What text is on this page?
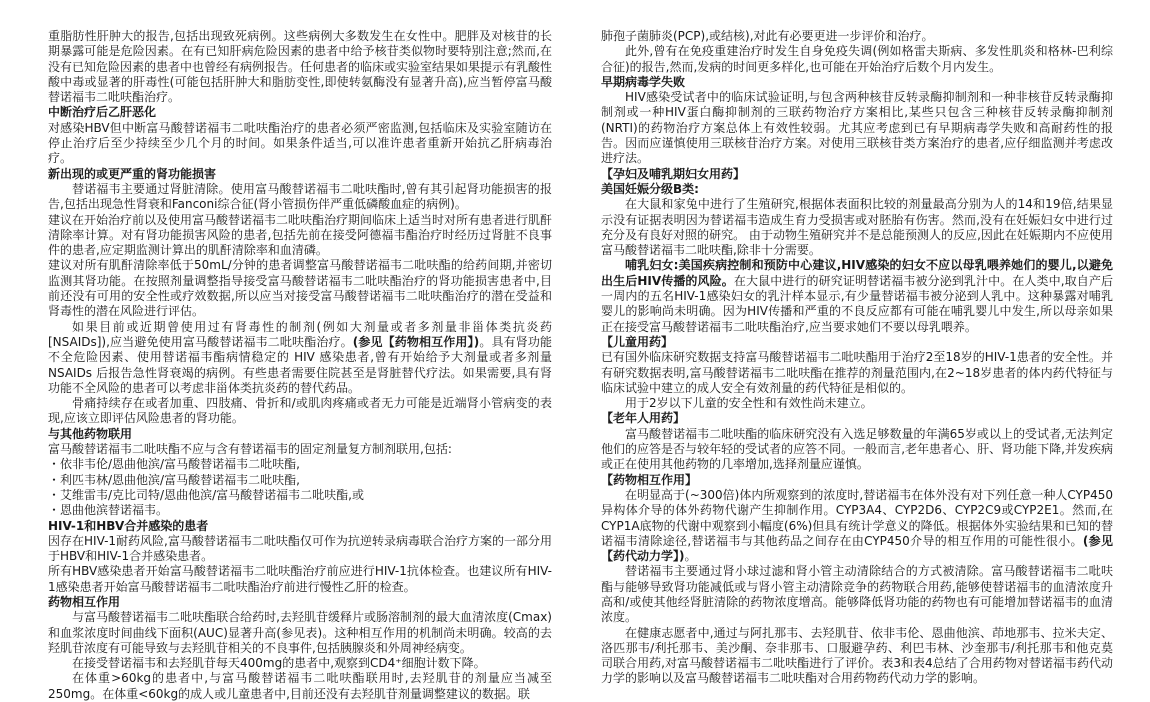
重脂肪性肝肿大的报告,包括出现致死病例。这些病例大多数发生在女性中。肥胖及对核苷的长期暴露可能是危险因素。在有已知肝病危险因素的患者中给予核苷类似物时要特别注意;然而,在没有已知危险因素的患者中也曾经有病例报告。任何患者的临床或实验室结果如果提示有乳酸性酸中毒或显著的肝毒性(可能包括肝肿大和脂肪变性,即使转氨酶没有显著升高),应当暂停富马酸替诺福韦二吡呋酯治疗。

中断治疗后乙肝恶化

对感染HBV但中断富马酸替诺福韦二吡呋酯治疗的患者必须严密监测,包括临床及实验室随访在停止治疗后至少持续至少几个月的时间。如果条件适当,可以准许患者重新开始抗乙肝病毒治疗。

新出现的或更严重的肾功能损害

替诺福韦主要通过肾脏清除。使用富马酸替诺福韦二吡呋酯时,曾有其引起肾功能损害的报告,包括出现急性肾衰和Fanconi综合征(肾小管损伤伴严重低磷酸血症的病例)。

建议在开始治疗前以及使用富马酸替诺福韦二吡呋酯治疗期间临床上适当时对所有患者进行肌酐清除率计算。对有肾功能损害风险的患者,包括先前在接受阿德福韦酯治疗时经历过肾脏不良事件的患者,应定期监测计算出的肌酐清除率和血清磷。

建议对所有肌酐清除率低于50mL/分钟的患者调整富马酸替诺福韦二吡呋酯的给药间期,并密切监测其肾功能。在按照剂量调整指导接受富马酸替诺福韦二吡呋酯治疗的肾功能损害患者中,目前还没有可用的安全性或疗效数据,所以应当对接受富马酸替诺福韦二吡呋酯治疗的潜在受益和肾毒性的潜在风险进行评估。

如果目前或近期曾使用过有肾毒性的制剂(例如大剂量或者多剂量非甾体类抗炎药[NSAIDs]),应当避免使用富马酸替诺福韦二吡呋酯治疗。(参见【药物相互作用】)。具有肾功能不全危险因素、使用替诺福韦酯病情稳定的 HIV 感染患者,曾有开始给予大剂量或者多剂量 NSAIDs 后报告急性肾衰竭的病例。有些患者需要住院甚至是肾脏替代疗法。如果需要,具有肾功能不全风险的患者可以考虑非甾体类抗炎药的替代药品。

骨痛持续存在或者加重、四肢痛、骨折和/或肌肉疼痛或者无力可能是近端肾小管病变的表现,应该立即评估风险患者的肾功能。

与其他药物联用

富马酸替诺福韦二吡呋酯不应与含有替诺福韦的固定剂量复方制剂联用,包括:

・依非韦伦/恩曲他滨/富马酸替诺福韦二吡呋酯,

・利匹韦林/恩曲他滨/富马酸替诺福韦二吡呋酯,

・艾维雷韦/克比司特/恩曲他滨/富马酸替诺福韦二吡呋酯,或

・恩曲他滨替诺福韦。

HIV-1和HBV合并感染的患者

因存在HIV-1耐药风险,富马酸替诺福韦二吡呋酯仅可作为抗逆转录病毒联合治疗方案的一部分用于HBV和HIV-1合并感染患者。

所有HBV感染患者开始富马酸替诺福韦二吡呋酯治疗前应进行HIV-1抗体检查。也建议所有HIV-1感染患者开始富马酸替诺福韦二吡呋酯治疗前进行慢性乙肝的检查。

药物相互作用

与富马酸替诺福韦二吡呋酯联合给药时,去羟肌苷缓释片或肠溶制剂的最大血清浓度(Cmax)和血浆浓度时间曲线下面积(AUC)显著升高(参见表)。这种相互作用的机制尚未明确。较高的去羟肌苷浓度有可能导致与去羟肌苷相关的不良事件,包括胰腺炎和外周神经病变。

在接受替诺福韦和去羟肌苷每天400mg的患者中,观察到CD4⁺细胞计数下降。

在体重>60kg的患者中,与富马酸替诺福韦二吡呋酯联用时,去羟肌苷的剂量应当减至250mg。在体重<60kg的成人或儿童患者中,目前还没有去羟肌苷剂量调整建议的数据。联

肺孢子菌肺炎(PCP),或结核),对此有必要更进一步评价和治疗。

此外,曾有在免疫重建治疗时发生自身免疫失调(例如格雷夫斯病、多发性肌炎和格林-巴利综合征)的报告,然而,发病的时间更多样化,也可能在开始治疗后数个月内发生。

早期病毒学失败

HIV感染受试者中的临床试验证明,与包含两种核苷反转录酶抑制剂和一种非核苷反转录酶抑制剂或一种HIV蛋白酶抑制剂的三联药物治疗方案相比,某些只包含三种核苷反转录酶抑制剂(NRTI)的药物治疗方案总体上有效性较弱。尤其应考虑到已有早期病毒学失败和高耐药性的报告。因而应谨慎使用三联核苷治疗方案。对使用三联核苷类方案治疗的患者,应仔细监测并考虑改进疗法。

【孕妇及哺乳期妇女用药】
美国妊娠分级B类:

在大鼠和家兔中进行了生殖研究,根据体表面积比较的剂量最高分别为人的14和19倍,结果显示没有证据表明因为替诺福韦造成生育力受损害或对胚胎有伤害。然而,没有在妊娠妇女中进行过充分及有良好对照的研究。 由于动物生殖研究并不是总能预测人的反应,因此在妊娠期内不应使用富马酸替诺福韦二吡呋酯,除非十分需要。

哺乳妇女:美国疾病控制和预防中心建议,HIV感染的妇女不应以母乳喂养她们的婴儿,以避免出生后HIV传播的风险。在大鼠中进行的研究证明替诺福韦被分泌到乳汁中。在人类中,取自产后一周内的五名HIV-1感染妇女的乳汁样本显示,有少量替诺福韦被分泌到人乳中。这种暴露对哺乳婴儿的影响尚未明确。因为HIV传播和严重的不良反应都有可能在哺乳婴儿中发生,所以母亲如果正在接受富马酸替诺福韦二吡呋酯治疗,应当要求她们不要以母乳喂养。

【儿童用药】

已有国外临床研究数据支持富马酸替诺福韦二吡呋酯用于治疗2至18岁的HIV-1患者的安全性。并有研究数据表明,富马酸替诺福韦二吡呋酯在推荐的剂量范围内,在2~18岁患者的体内药代特征与临床试验中建立的成人安全有效剂量的药代特征是相似的。

用于2岁以下儿童的安全性和有效性尚未建立。

【老年人用药】

富马酸替诺福韦二吡呋酯的临床研究没有入选足够数量的年满65岁或以上的受试者,无法判定他们的应答是否与较年轻的受试者的应答不同。一般而言,老年患者心、肝、肾功能下降,并发疾病或正在使用其他药物的几率增加,选择剂量应谨慎。

【药物相互作用】

在明显高于(~300倍)体内所观察到的浓度时,替诺福韦在体外没有对下列任意一种人CYP450异构体介导的体外药物代谢产生抑制作用。CYP3A4、CYP2D6、CYP2C9或CYP2E1。然而,在 CYP1A底物的代谢中观察到小幅度(6%)但具有统计学意义的降低。根据体外实验结果和已知的替诺福韦清除途径,替诺福韦与其他药品之间存在由CYP450介导的相互作用的可能性很小。(参见【药代动力学】)。

替诺福韦主要通过肾小球过滤和肾小管主动清除结合的方式被清除。富马酸替诺福韦二吡呋酯与能够导致肾功能减低或与肾小管主动清除竞争的药物联合用药,能够使替诺福韦的血清浓度升高和/或使其他经肾脏清除的药物浓度增高。能够降低肾功能的药物也有可能增加替诺福韦的血清浓度。

在健康志愿者中,通过与阿扎那韦、去羟肌苷、依非韦伦、恩曲他滨、茚地那韦、拉米夫定、洛匹那韦/利托那韦、美沙酮、奈非那韦、口服避孕药、利巴韦林、沙奎那韦/利托那韦和他克莫司联合用药,对富马酸替诺福韦二吡呋酯进行了评价。表3和表4总结了合用药物对替诺福韦药代动力学的影响以及富马酸替诺福韦二吡呋酯对合用药物药代动力学的影响。
